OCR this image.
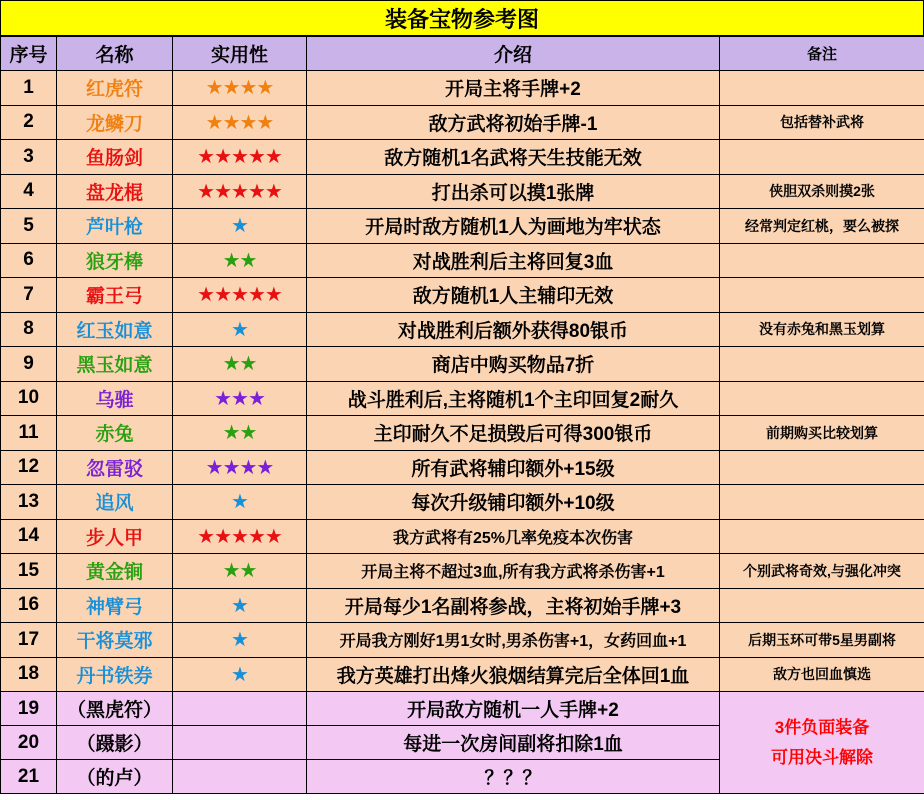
装备宝物参考图
序号	名称	实用性	介绍	备注
1	红虎符	★★★★	开局主将手牌+2	
2	龙鳞刀	★★★★	敌方武将初始手牌-1	包括替补武将
3	鱼肠剑	★★★★★	敌方随机1名武将天生技能无效	
4	盘龙棍	★★★★★	打出杀可以摸1张牌	侠胆双杀则摸2张
5	芦叶枪	★	开局时敌方随机1人为画地为牢状态	经常判定红桃，要么被探
6	狼牙棒	★★	对战胜利后主将回复3血	
7	霸王弓	★★★★★	敌方随机1人主辅印无效	
8	红玉如意	★	对战胜利后额外获得80银币	没有赤兔和黑玉划算
9	黑玉如意	★★	商店中购买物品7折	
10	乌骓	★★★	战斗胜利后,主将随机1个主印回复2耐久	
11	赤兔	★★	主印耐久不足损毁后可得300银币	前期购买比较划算
12	忽雷驳	★★★★	所有武将辅印额外+15级	
13	追风	★	每次升级铺印额外+10级	
14	步人甲	★★★★★	我方武将有25%几率免疫本次伤害	
15	黄金锏	★★	开局主将不超过3血,所有我方武将杀伤害+1	个别武将奇效,与强化冲突
16	神臂弓	★	开局每少1名副将参战，主将初始手牌+3	
17	干将莫邪	★	开局我方刚好1男1女时,男杀伤害+1，女药回血+1	后期玉环可带5星男副将
18	丹书铁券	★	我方英雄打出烽火狼烟结算完后全体回1血	敌方也回血慎选
19	（黑虎符）		开局敌方随机一人手牌+2	3件负面装备
可用决斗解除

20	（蹑影）		每进一次房间副将扣除1血	
21	（的卢）		？？？	
